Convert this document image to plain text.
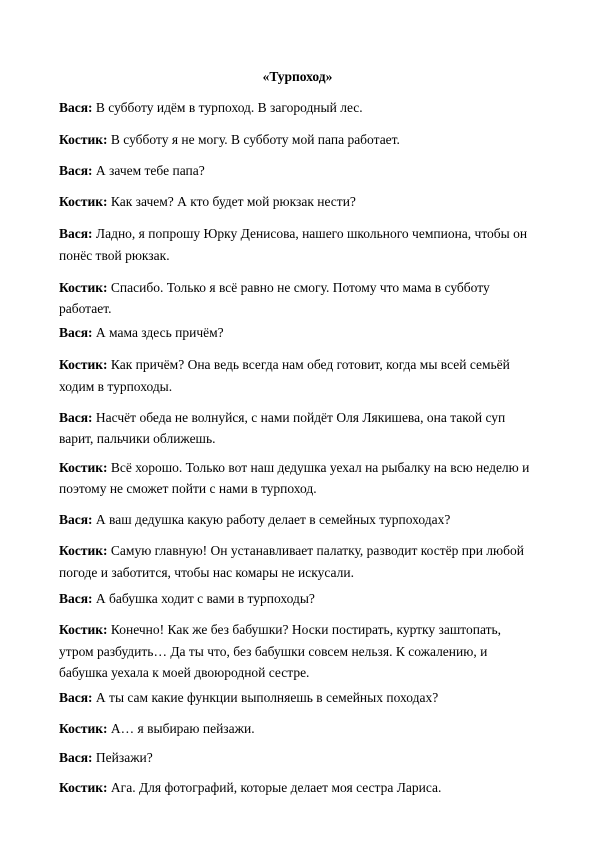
«Турпоход»
Вася: В субботу идём в турпоход. В загородный лес.
Костик: В субботу я не могу. В субботу мой папа работает.
Вася: А зачем тебе папа?
Костик: Как зачем? А кто будет мой рюкзак нести?
Вася: Ладно, я попрошу Юрку Денисова, нашего школьного чемпиона, чтобы он
понёс твой рюкзак.
Костик: Спасибо. Только я всё равно не смогу. Потому что мама в субботу
работает.
Вася: А мама здесь причём?
Костик: Как причём? Она ведь всегда нам обед готовит, когда мы всей семьёй
ходим в турпоходы.
Вася: Насчёт обеда не волнуйся, с нами пойдёт Оля Лякишева, она такой суп
варит, пальчики оближешь.
Костик: Всё хорошо. Только вот наш дедушка уехал на рыбалку на всю неделю и
поэтому не сможет пойти с нами в турпоход.
Вася: А ваш дедушка какую работу делает в семейных турпоходах?
Костик: Самую главную! Он устанавливает палатку, разводит костёр при любой
погоде и заботится, чтобы нас комары не искусали.
Вася: А бабушка ходит с вами в турпоходы?
Костик: Конечно! Как же без бабушки? Носки постирать, куртку заштопать,
утром разбудить… Да ты что, без бабушки совсем нельзя. К сожалению, и
бабушка уехала к моей двоюродной сестре.
Вася: А ты сам какие функции выполняешь в семейных походах?
Костик: А… я выбираю пейзажи.
Вася: Пейзажи?
Костик: Ага. Для фотографий, которые делает моя сестра Лариса.
